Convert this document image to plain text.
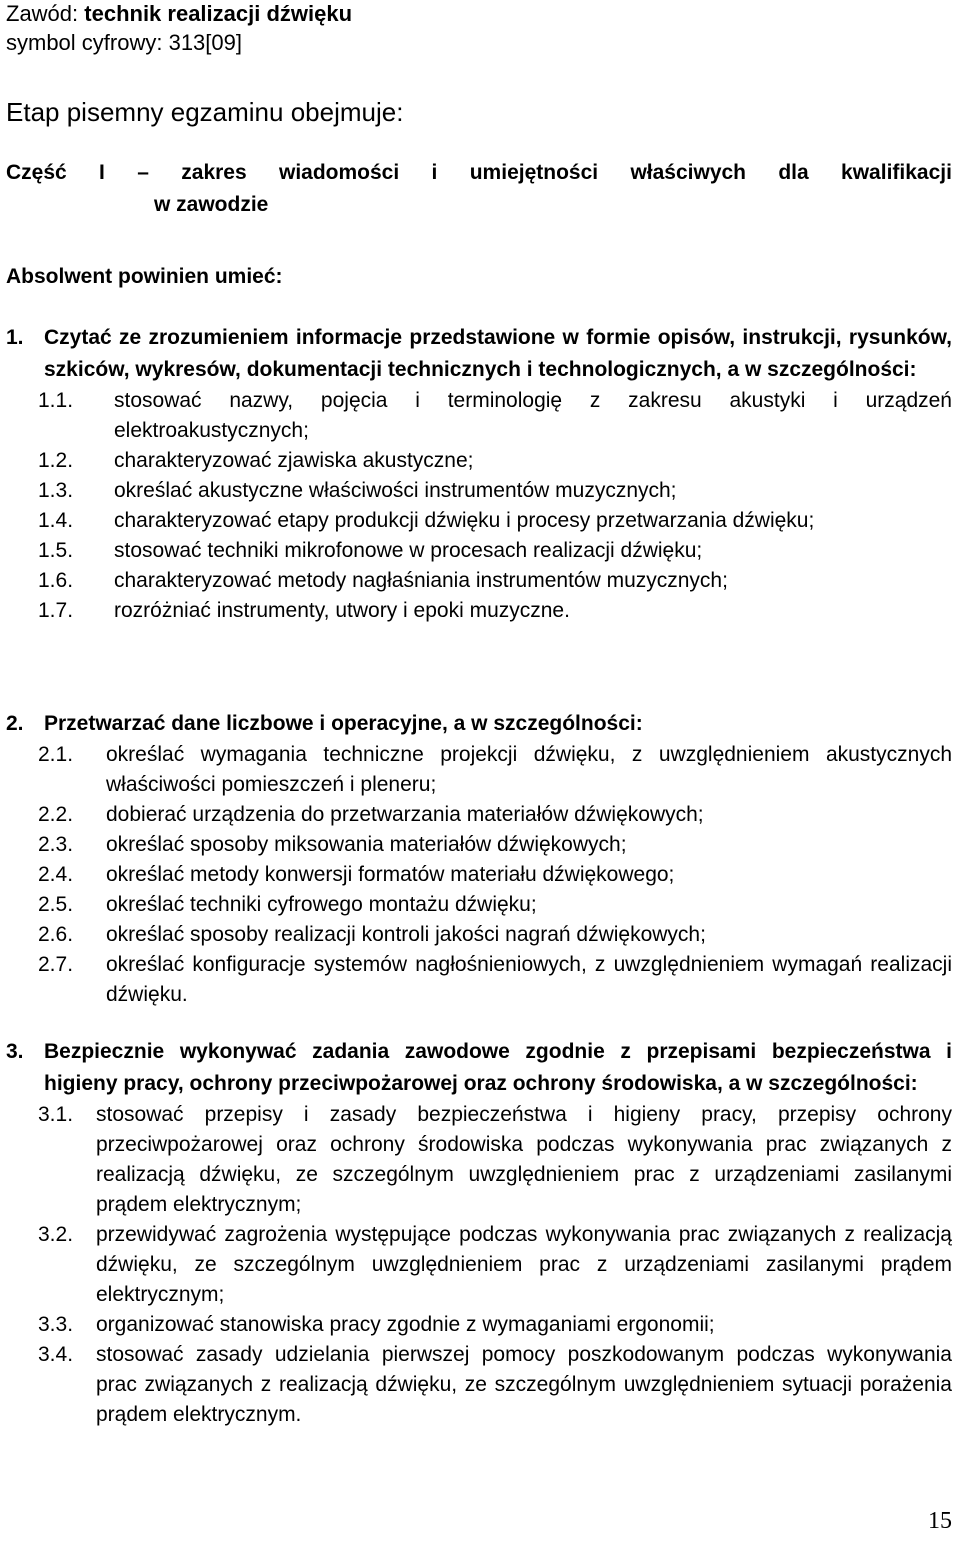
Zawód: technik realizacji dźwięku
symbol cyfrowy: 313[09]
Etap pisemny egzaminu obejmuje:
Część I – zakres wiadomości i umiejętności właściwych dla kwalifikacji
w zawodzie
Absolwent powinien umieć:
1. Czytać ze zrozumieniem informacje przedstawione w formie opisów, instrukcji, rysunków, szkiców, wykresów, dokumentacji technicznych i technologicznych, a w szczególności:
1.1.	stosować nazwy, pojęcia i terminologię z zakresu akustyki i urządzeń elektroakustycznych;
1.2.	charakteryzować zjawiska akustyczne;
1.3.	określać akustyczne właściwości instrumentów muzycznych;
1.4.	charakteryzować etapy produkcji dźwięku i procesy przetwarzania dźwięku;
1.5.	stosować techniki mikrofonowe w procesach realizacji dźwięku;
1.6.	charakteryzować metody nagłaśniania instrumentów muzycznych;
1.7.	rozróżniać instrumenty, utwory i epoki muzyczne.
2. Przetwarzać dane liczbowe i operacyjne, a w szczególności:
2.1.	określać wymagania techniczne projekcji dźwięku, z uwzględnieniem akustycznych właściwości pomieszczeń i pleneru;
2.2.	dobierać urządzenia do przetwarzania materiałów dźwiękowych;
2.3.	określać sposoby miksowania materiałów dźwiękowych;
2.4.	określać metody konwersji formatów materiału dźwiękowego;
2.5.	określać techniki cyfrowego montażu dźwięku;
2.6.	określać sposoby realizacji kontroli jakości nagrań dźwiękowych;
2.7.	określać konfiguracje systemów nagłośnieniowych, z uwzględnieniem wymagań realizacji dźwięku.
3. Bezpiecznie wykonywać zadania zawodowe zgodnie z przepisami bezpieczeństwa i higieny pracy, ochrony przeciwpożarowej oraz ochrony środowiska, a w szczególności:
3.1.	stosować przepisy i zasady bezpieczeństwa i higieny pracy, przepisy ochrony przeciwpożarowej oraz ochrony środowiska podczas wykonywania prac związanych z realizacją dźwięku, ze szczególnym uwzględnieniem prac z urządzeniami zasilanymi prądem elektrycznym;
3.2.	przewidywać zagrożenia występujące podczas wykonywania prac związanych z realizacją dźwięku, ze szczególnym uwzględnieniem prac z urządzeniami zasilanymi prądem elektrycznym;
3.3.	organizować stanowiska pracy zgodnie z wymaganiami ergonomii;
3.4.	stosować zasady udzielania pierwszej pomocy poszkodowanym podczas wykonywania prac związanych z realizacją dźwięku, ze szczególnym uwzględnieniem sytuacji porażenia prądem elektrycznym.
15
